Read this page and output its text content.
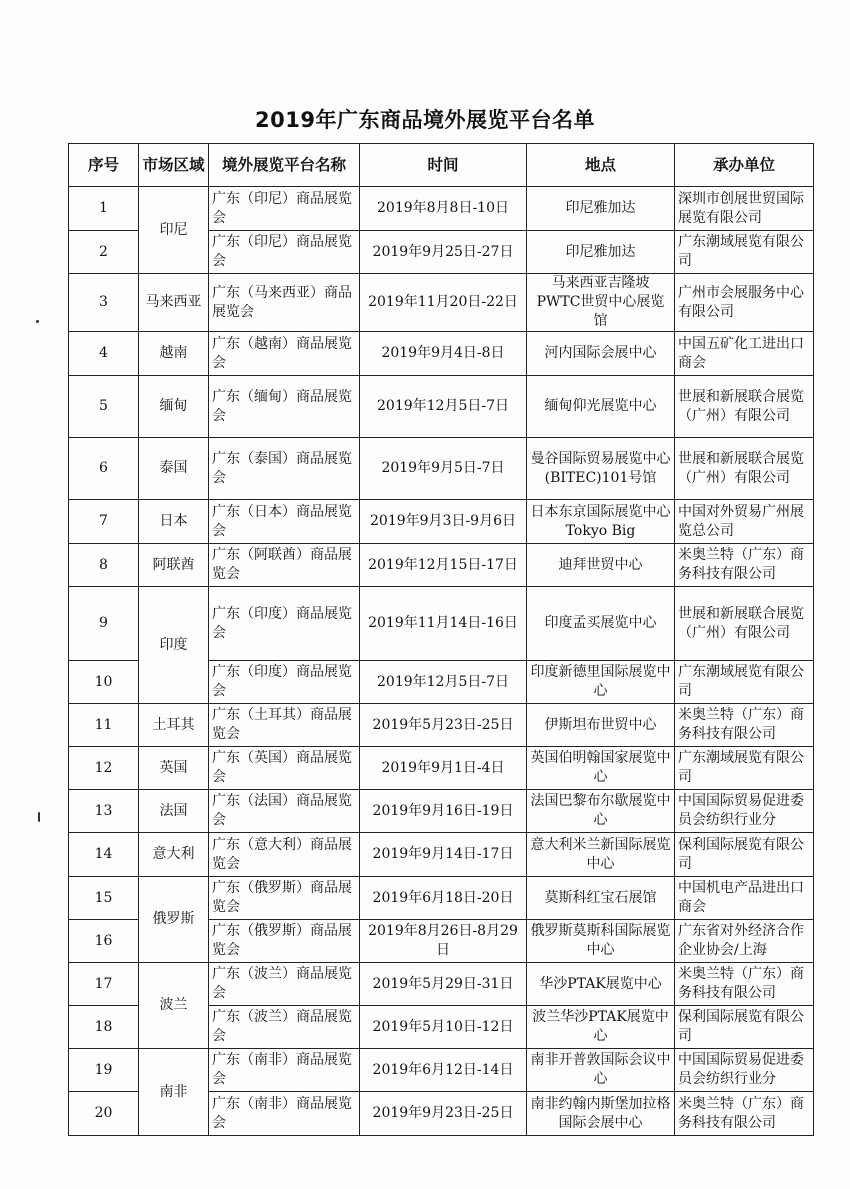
2019年广东商品境外展览平台名单
序号	市场区域	境外展览平台名称	时间	地点	承办单位
1	印尼	广东（印尼）商品展览会	2019年8月8日-10日	印尼雅加达	深圳市创展世贸国际展览有限公司
2		广东（印尼）商品展览会	2019年9月25日-27日	印尼雅加达	广东潮域展览有限公司
3	马来西亚	广东（马来西亚）商品展览会	2019年11月20日-22日	马来西亚吉隆坡PWTC世贸中心展览馆	广州市会展服务中心有限公司
4	越南	广东（越南）商品展览会	2019年9月4日-8日	河内国际会展中心	中国五矿化工进出口商会
5	缅甸	广东（缅甸）商品展览会	2019年12月5日-7日	缅甸仰光展览中心	世展和新展联合展览（广州）有限公司
6	泰国	广东（泰国）商品展览会	2019年9月5日-7日	曼谷国际贸易展览中心(BITEC)101号馆	世展和新展联合展览（广州）有限公司
7	日本	广东（日本）商品展览会	2019年9月3日-9月6日	日本东京国际展览中心Tokyo Big	中国对外贸易广州展览总公司
8	阿联酋	广东（阿联酋）商品展览会	2019年12月15日-17日	迪拜世贸中心	米奥兰特（广东）商务科技有限公司
9	印度	广东（印度）商品展览会	2019年11月14日-16日	印度孟买展览中心	世展和新展联合展览（广州）有限公司
10		广东（印度）商品展览会	2019年12月5日-7日	印度新德里国际展览中心	广东潮域展览有限公司
11	土耳其	广东（土耳其）商品展览会	2019年5月23日-25日	伊斯坦布世贸中心	米奥兰特（广东）商务科技有限公司
12	英国	广东（英国）商品展览会	2019年9月1日-4日	英国伯明翰国家展览中心	广东潮域展览有限公司
13	法国	广东（法国）商品展览会	2019年9月16日-19日	法国巴黎布尔歇展览中心	中国国际贸易促进委员会纺织行业分
14	意大利	广东（意大利）商品展览会	2019年9月14日-17日	意大利米兰新国际展览中心	保利国际展览有限公司
15	俄罗斯	广东（俄罗斯）商品展览会	2019年6月18日-20日	莫斯科红宝石展馆	中国机电产品进出口商会
16		广东（俄罗斯）商品展览会	2019年8月26日-8月29日	俄罗斯莫斯科国际展览中心	广东省对外经济合作企业协会/上海
17	波兰	广东（波兰）商品展览会	2019年5月29日-31日	华沙PTAK展览中心	米奥兰特（广东）商务科技有限公司
18		广东（波兰）商品展览会	2019年5月10日-12日	波兰华沙PTAK展览中心	保利国际展览有限公司
19	南非	广东（南非）商品展览会	2019年6月12日-14日	南非开普敦国际会议中心	中国国际贸易促进委员会纺织行业分
20		广东（南非）商品展览会	2019年9月23日-25日	南非约翰内斯堡加拉格国际会展中心	米奥兰特（广东）商务科技有限公司
